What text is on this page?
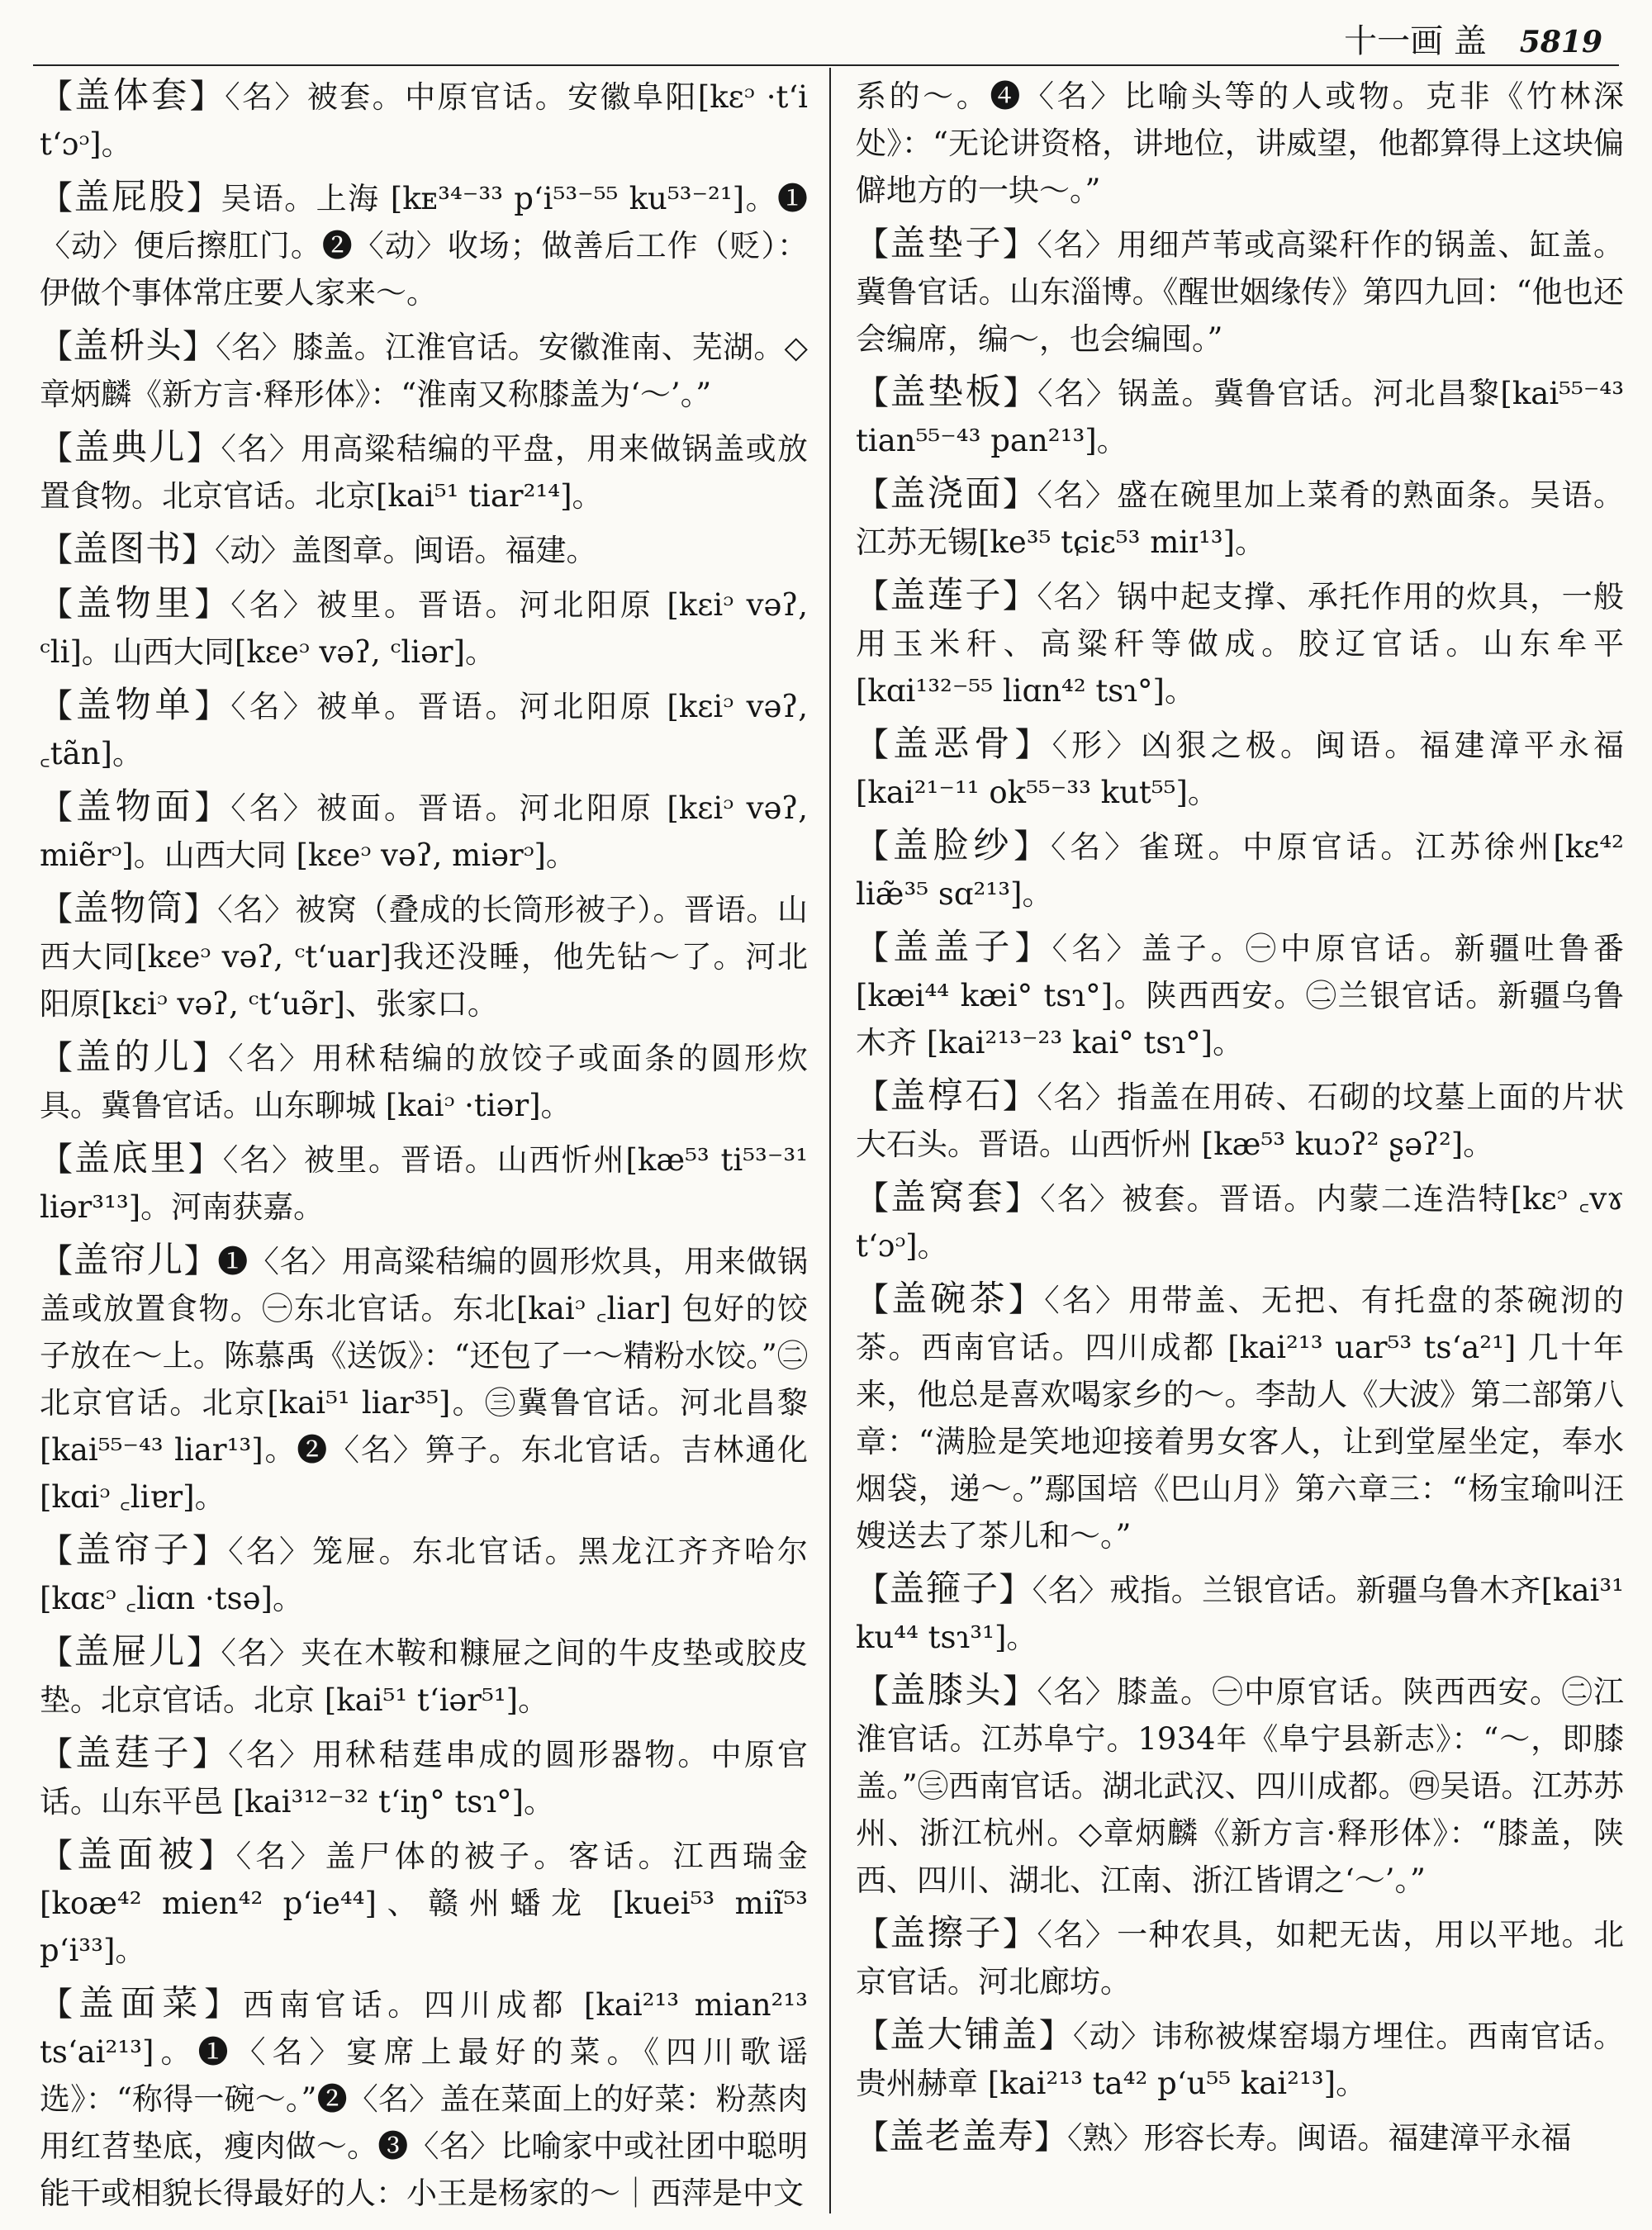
十一画 盖 5819
【盖体套】〈名〉被套。中原官话。安徽阜阳[kɛᵓ ·tʻi tʻɔᵓ]。
【盖屁股】吴语。上海 [kᴇ³⁴⁻³³ pʻi⁵³⁻⁵⁵ ku⁵³⁻²¹]。❶〈动〉便后擦肛门。❷〈动〉收场；做善后工作（贬）：伊做个事体常庄要人家来～。
【盖枡头】〈名〉膝盖。江淮官话。安徽淮南、芜湖。◇章炳麟《新方言·释形体》：“淮南又称膝盖为‘～’。”
【盖典儿】〈名〉用高粱秸编的平盘，用来做锅盖或放置食物。北京官话。北京[kai⁵¹ tiar²¹⁴]。
【盖图书】〈动〉盖图章。闽语。福建。
【盖物里】〈名〉被里。晋语。河北阳原 [kɛiᵓ vəʔ, ᶜli]。山西大同[kɛeᵓ vəʔ, ᶜliər]。
【盖物单】〈名〉被单。晋语。河北阳原 [kɛiᵓ vəʔ, ꜀tãn]。
【盖物面】〈名〉被面。晋语。河北阳原 [kɛiᵓ vəʔ, miẽrᵓ]。山西大同 [kɛeᵓ vəʔ, miərᵓ]。
【盖物筒】〈名〉被窝（叠成的长筒形被子）。晋语。山西大同[kɛeᵓ vəʔ, ᶜtʻuar]我还没睡，他先钻～了。河北阳原[kɛiᵓ vəʔ, ᶜtʻuə̃r]、张家口。
【盖的儿】〈名〉用秫秸编的放饺子或面条的圆形炊具。冀鲁官话。山东聊城 [kaiᵓ ·tiər]。
【盖底里】〈名〉被里。晋语。山西忻州[kæ⁵³ ti⁵³⁻³¹ liər³¹³]。河南获嘉。
【盖帘儿】❶〈名〉用高粱秸编的圆形炊具，用来做锅盖或放置食物。㊀东北官话。东北[kaiᵓ ꜀liar] 包好的饺子放在～上。陈慕禹《送饭》：“还包了一～精粉水饺。”㊁北京官话。北京[kai⁵¹ liar³⁵]。㊂冀鲁官话。河北昌黎[kai⁵⁵⁻⁴³ liar¹³]。❷〈名〉箅子。东北官话。吉林通化 [kɑiᵓ ꜀liɐr]。
【盖帘子】〈名〉笼屉。东北官话。黑龙江齐齐哈尔[kɑɛᵓ ꜀liɑn ·tsə]。
【盖屉儿】〈名〉夹在木鞍和糠屉之间的牛皮垫或胶皮垫。北京官话。北京 [kai⁵¹ tʻiər⁵¹]。
【盖莛子】〈名〉用秫秸莛串成的圆形器物。中原官话。山东平邑 [kai³¹²⁻³² tʻiŋ° tsɿ°]。
【盖面被】〈名〉盖尸体的被子。客话。江西瑞金 [koæ⁴² mien⁴² pʻie⁴⁴]、赣州蟠龙 [kuei⁵³ miĩ⁵³ pʻi³³]。
【盖面菜】西南官话。四川成都 [kai²¹³ mian²¹³ tsʻai²¹³]。❶〈名〉宴席上最好的菜。《四川歌谣选》：“称得一碗～。”❷〈名〉盖在菜面上的好菜：粉蒸肉用红苕垫底，瘦肉做～。❸〈名〉比喻家中或社团中聪明能干或相貌长得最好的人：小王是杨家的～｜西萍是中文
系的～。❹〈名〉比喻头等的人或物。克非《竹林深处》：“无论讲资格，讲地位，讲威望，他都算得上这块偏僻地方的一块～。”
【盖垫子】〈名〉用细芦苇或高粱秆作的锅盖、缸盖。冀鲁官话。山东淄博。《醒世姻缘传》第四九回：“他也还会编席，编～，也会编囤。”
【盖垫板】〈名〉锅盖。冀鲁官话。河北昌黎[kai⁵⁵⁻⁴³ tian⁵⁵⁻⁴³ pan²¹³]。
【盖浇面】〈名〉盛在碗里加上菜肴的熟面条。吴语。江苏无锡[ke³⁵ tɕiɛ⁵³ miɪ¹³]。
【盖莲子】〈名〉锅中起支撑、承托作用的炊具，一般用玉米秆、高粱秆等做成。胶辽官话。山东牟平 [kɑi¹³²⁻⁵⁵ liɑn⁴² tsɿ°]。
【盖恶骨】〈形〉凶狠之极。闽语。福建漳平永福 [kai²¹⁻¹¹ ok⁵⁵⁻³³ kut⁵⁵]。
【盖脸纱】〈名〉雀斑。中原官话。江苏徐州[kɛ⁴² liæ̃³⁵ sɑ²¹³]。
【盖盖子】〈名〉盖子。㊀中原官话。新疆吐鲁番 [kæi⁴⁴ kæi° tsɿ°]。陕西西安。㊁兰银官话。新疆乌鲁木齐 [kai²¹³⁻²³ kai° tsɿ°]。
【盖椁石】〈名〉指盖在用砖、石砌的坟墓上面的片状大石头。晋语。山西忻州 [kæ⁵³ kuɔʔ² ʂəʔ²]。
【盖窝套】〈名〉被套。晋语。内蒙二连浩特[kɛᵓ ꜀vɤ tʻɔᵓ]。
【盖碗茶】〈名〉用带盖、无把、有托盘的茶碗沏的茶。西南官话。四川成都 [kai²¹³ uar⁵³ tsʻa²¹] 几十年来，他总是喜欢喝家乡的～。李劼人《大波》第二部第八章：“满脸是笑地迎接着男女客人，让到堂屋坐定，奉水烟袋，递～。”鄢国培《巴山月》第六章三：“杨宝瑜叫汪嫂送去了茶儿和～。”
【盖箍子】〈名〉戒指。兰银官话。新疆乌鲁木齐[kai³¹ ku⁴⁴ tsɿ³¹]。
【盖膝头】〈名〉膝盖。㊀中原官话。陕西西安。㊁江淮官话。江苏阜宁。1934年《阜宁县新志》：“～，即膝盖。”㊂西南官话。湖北武汉、四川成都。㊃吴语。江苏苏州、浙江杭州。◇章炳麟《新方言·释形体》：“膝盖，陕西、四川、湖北、江南、浙江皆谓之‘～’。”
【盖擦子】〈名〉一种农具，如耙无齿，用以平地。北京官话。河北廊坊。
【盖大铺盖】〈动〉讳称被煤窑塌方埋住。西南官话。贵州赫章 [kai²¹³ ta⁴² pʻu⁵⁵ kai²¹³]。
【盖老盖寿】〈熟〉形容长寿。闽语。福建漳平永福
